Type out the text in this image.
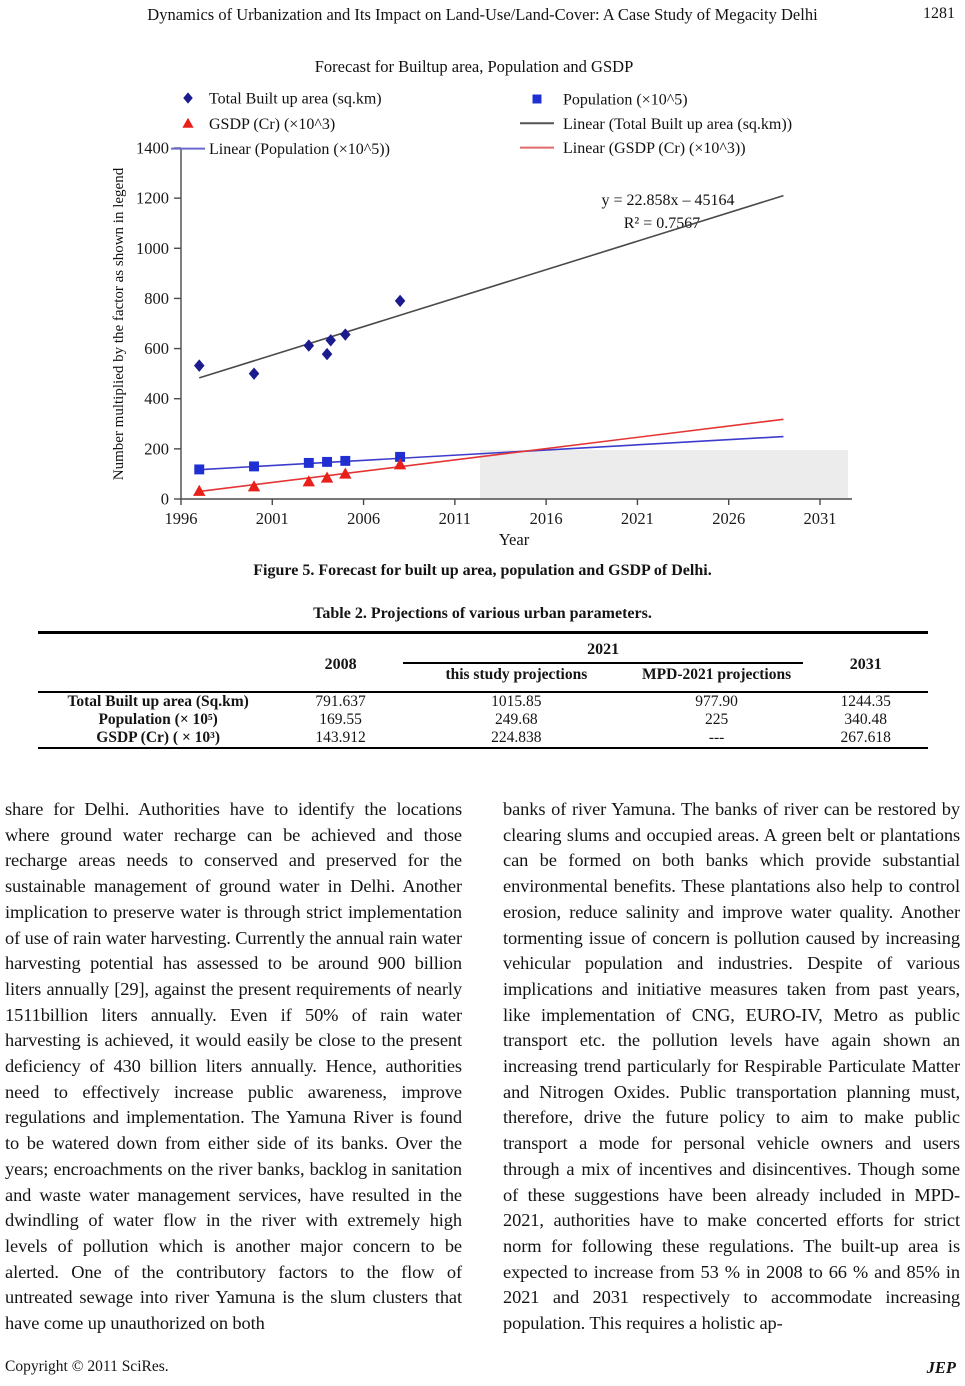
Dynamics of Urbanization and Its Impact on Land-Use/Land-Cover: A Case Study of Megacity Delhi	1281
0
200
400
600
800
1000
1200
1400
1996	2001	2006	2011	2016	2021	2026	2031
Forecast for Builtup area, Population and GSDP
Year
Number multiplied by the factor as shown in legend	y = 22.858x – 45164
R² = 0.7567
Total Built up area (sq.km)
GSDP (Cr) (×10^3)
Linear (Population (×10^5))
Population (×10^5)
Linear (Total Built up area (sq.km))
Linear (GSDP (Cr) (×10^3))
Figure 5. Forecast for built up area, population and GSDP of Delhi.
Table 2. Projections of various urban parameters.
	2008	2021		2031
		this study projections	MPD-2021 projections	
Total Built up area (Sq.km)	791.637	1015.85	977.90	1244.35
Population (× 10⁵)	169.55	249.68	225	340.48
GSDP (Cr) ( × 10³)	143.912	224.838	---	267.618
share for Delhi. Authorities have to identify the locations where ground water recharge can be achieved and those recharge areas needs to conserved and preserved for the sustainable management of ground water in Delhi. Another implication to preserve water is through strict implementation of use of rain water harvesting. Currently the annual rain water harvesting potential has assessed to be around 900 billion liters annually [29], against the present requirements of nearly 1511billion liters annually. Even if 50% of rain water harvesting is achieved, it would easily be close to the present deficiency of 430 billion liters annually. Hence, authorities need to effectively increase public awareness, improve regulations and implementation. The Yamuna River is found to be watered down from either side of its banks. Over the years; encroachments on the river banks, backlog in sanitation and waste water management services, have resulted in the dwindling of water flow in the river with extremely high levels of pollution which is another major concern to be alerted. One of the contributory factors to the flow of untreated sewage into river Yamuna is the slum clusters that have come up unauthorized on both
banks of river Yamuna. The banks of river can be restored by clearing slums and occupied areas. A green belt or plantations can be formed on both banks which provide substantial environmental benefits. These plantations also help to control erosion, reduce salinity and improve water quality. Another tormenting issue of concern is pollution caused by increasing vehicular population and industries. Despite of various implications and initiative measures taken from past years, like implementation of CNG, EURO-IV, Metro as public transport etc. the pollution levels have again shown an increasing trend particularly for Respirable Particulate Matter and Nitrogen Oxides. Public transportation planning must, therefore, drive the future policy to aim to make public transport a mode for personal vehicle owners and users through a mix of incentives and disincentives. Though some of these suggestions have been already included in MPD-2021, authorities have to make concerted efforts for strict norm for following these regulations. The built-up area is expected to increase from 53 % in 2008 to 66 % and 85% in 2021 and 2031 respectively to accommodate increasing population. This requires a holistic ap-
Copyright © 2011 SciRes.	JEP
